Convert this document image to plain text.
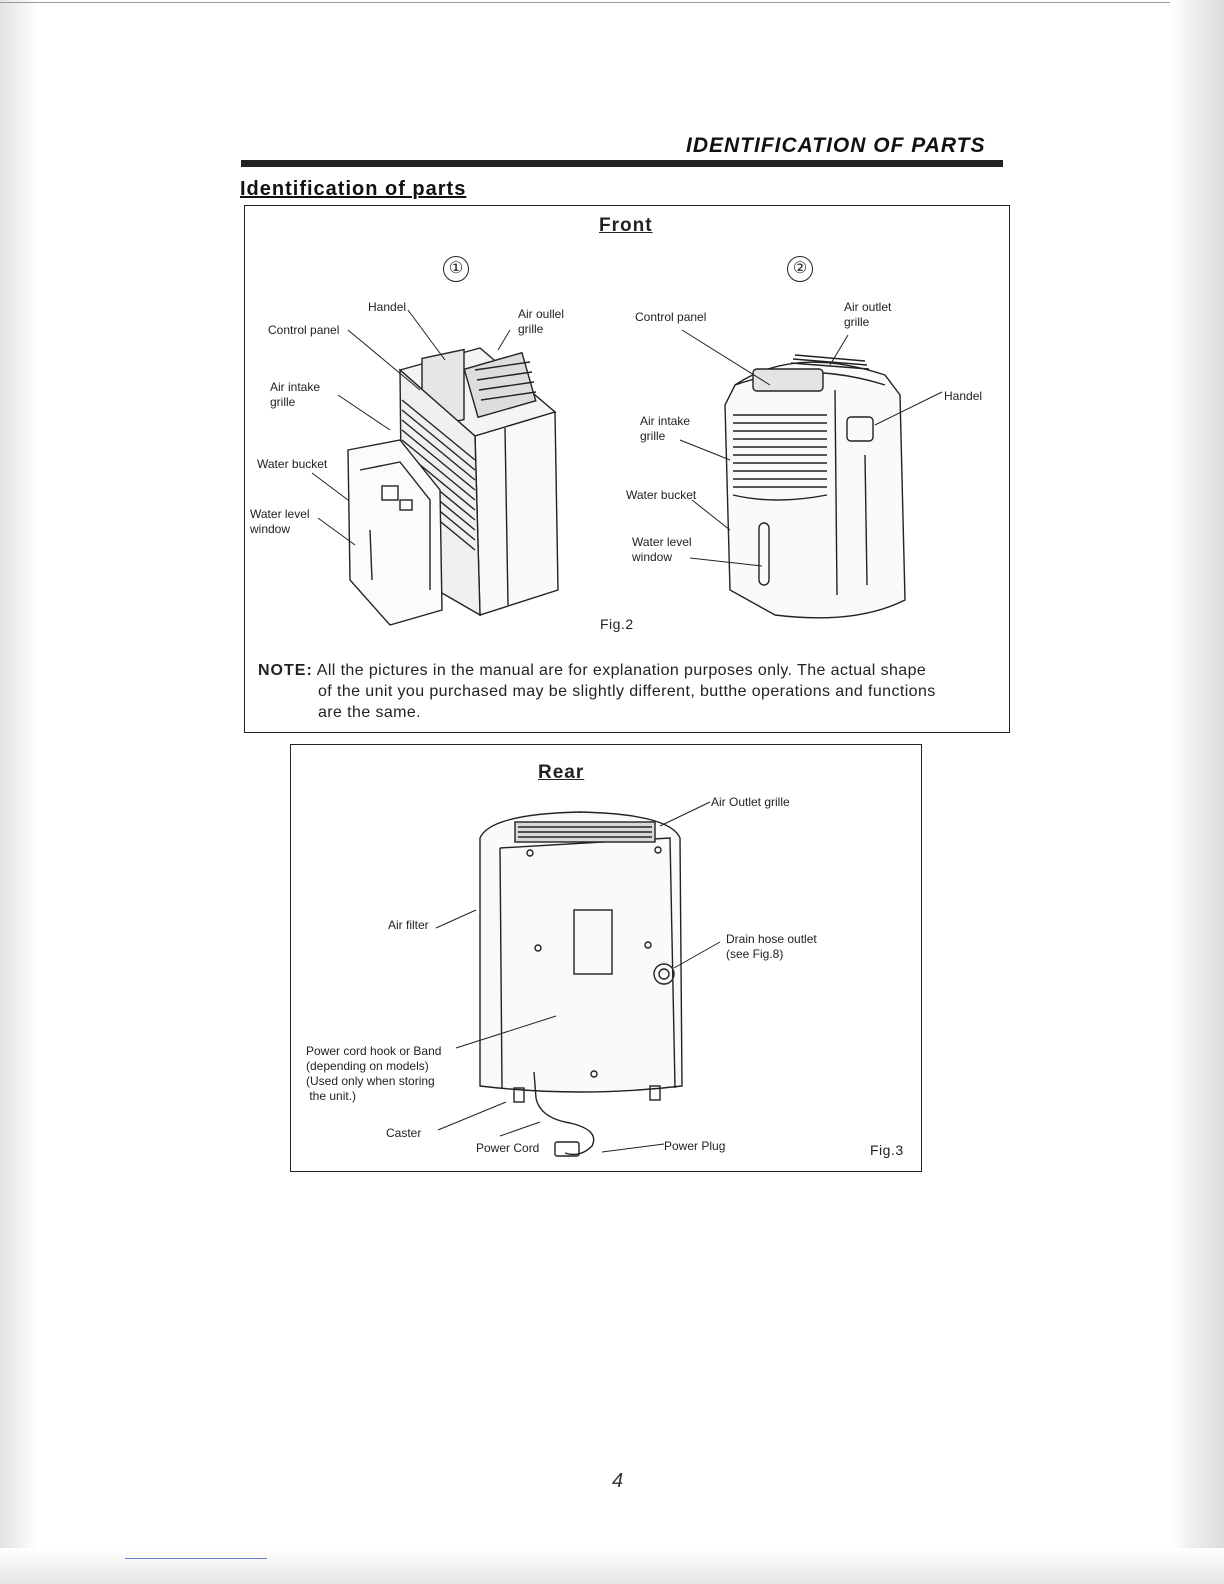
IDENTIFICATION OF PARTS
Identification of parts
Front
①	②
Handel
Control panel
Air oullel
grille
Air intake
grille
Water bucket
Water level
window
Control panel
Air outlet
grille
Handel
Air intake
grille
Water bucket
Water level
window
Fig.2
NOTE: All the pictures in the manual are for explanation purposes only. The actual shape
of the unit you purchased may be slightly different, butthe operations and functions
are the same.
Rear
Air Outlet grille
Air filter
Drain hose outlet
(see Fig.8)
Power cord hook or Band
(depending on models)
(Used only when storing
the unit.)
Caster
Power Cord	Power Plug	Fig.3
4
